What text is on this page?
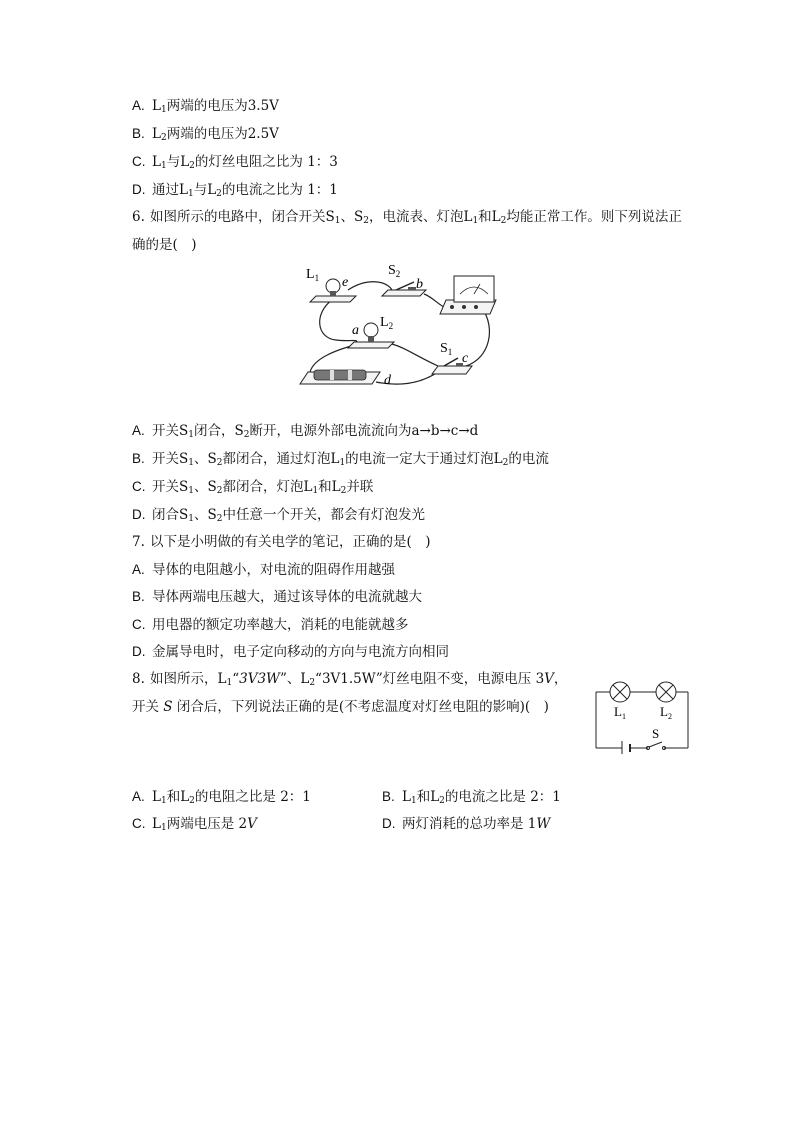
A. $L_1$两端的电压为3.5V
B. $L_2$两端的电压为2.5V
C. $L_1$与$L_2$的灯丝电阻之比为 1：3
D. 通过$L_1$与$L_2$的电流之比为 1：1
6. 如图所示的电路中，闭合开关$S_1$、$S_2$，电流表、灯泡$L_1$和$L_2$均能正常工作。则下列说法正
确的是(　)
$L_1$ e
$S_2$
b
a
$L_2$
$S_1$ c
d
A. 开关$S_1$闭合，$S_2$断开，电源外部电流流向为a→b→c→d
B. 开关$S_1$、$S_2$都闭合，通过灯泡$L_1$的电流一定大于通过灯泡$L_2$的电流
C. 开关$S_1$、$S_2$都闭合，灯泡$L_1$和$L_2$并联
D. 闭合$S_1$、$S_2$中任意一个开关，都会有灯泡发光
7. 以下是小明做的有关电学的笔记，正确的是(　)
A. 导体的电阻越小，对电流的阻碍作用越强
B. 导体两端电压越大，通过该导体的电流就越大
C. 用电器的额定功率越大，消耗的电能就越多
D. 金属导电时，电子定向移动的方向与电流方向相同
8. 如图所示，$L_1“3V3W$”、$L_2“3V1.5W$”灯丝电阻不变，电源电压 3V，
开关 S 闭合后，下列说法正确的是(不考虑温度对灯丝电阻的影响)(　)	$L_1$	$L_2$
S
A. $L_1$和$L_2$的电阻之比是 2：1	B. $L_1$和$L_2$的电流之比是 2：1
C. $L_1$两端电压是 2V	D. 两灯消耗的总功率是 1W
